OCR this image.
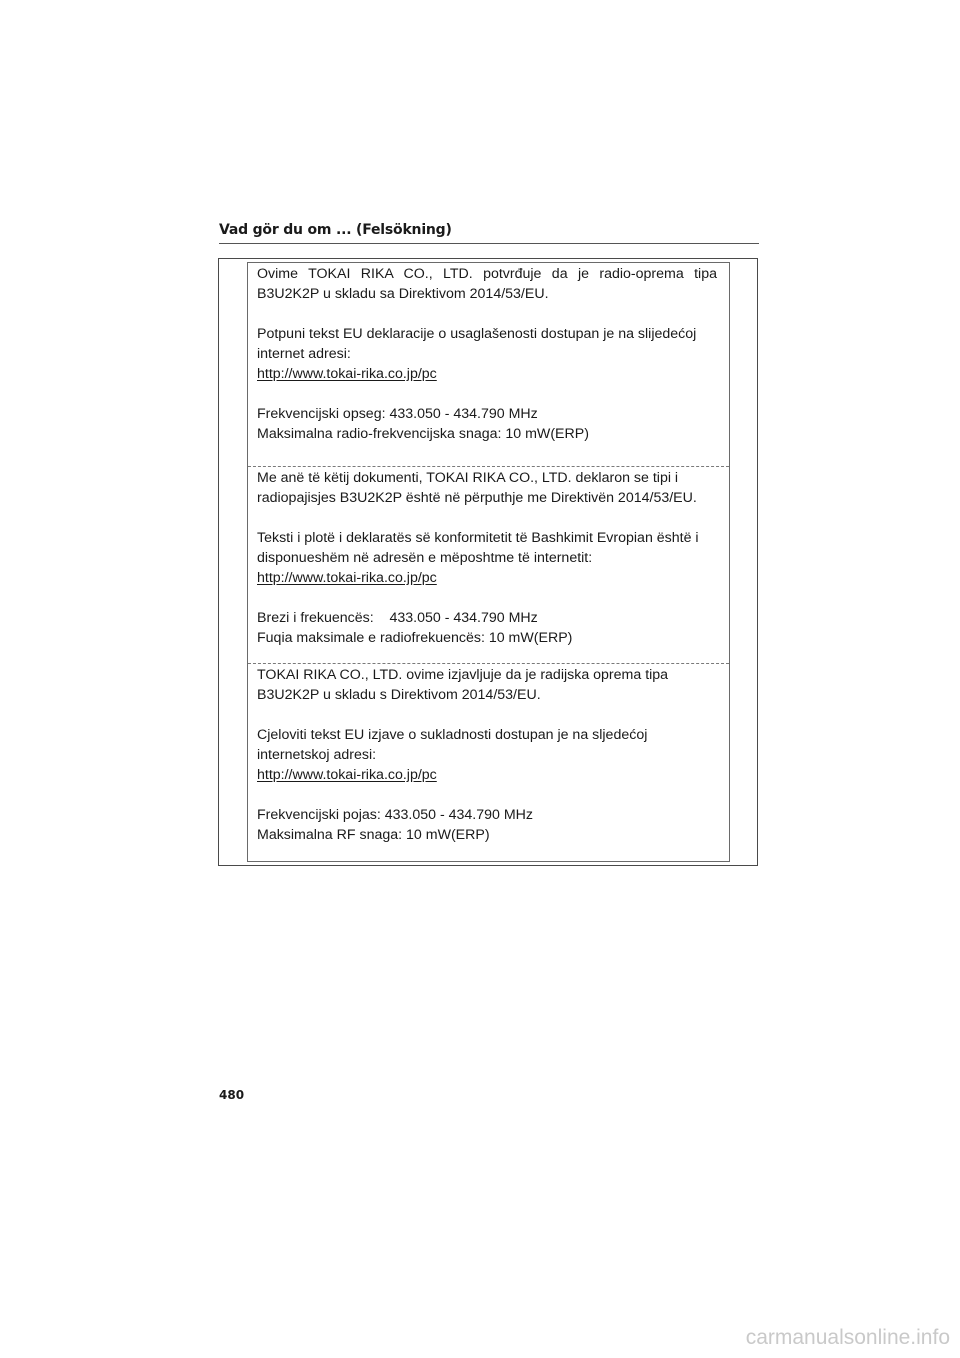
Vad gör du om ... (Felsökning)

Ovime TOKAI RIKA CO., LTD. potvrđuje da je radio-oprema tipa

B3U2K2P u skladu sa Direktivom 2014/53/EU.

Potpuni tekst EU deklaracije o usaglašenosti dostupan je na slijedećoj

internet adresi:

http://www.tokai-rika.co.jp/pc

Frekvencijski opseg: 433.050 - 434.790 MHz

Maksimalna radio-frekvencijska snaga: 10 mW(ERP)

Me anë të këtij dokumenti, TOKAI RIKA CO., LTD. deklaron se tipi i

radiopajisjes B3U2K2P është në përputhje me Direktivën 2014/53/EU.

Teksti i plotë i deklaratës së konformitetit të Bashkimit Evropian është i

disponueshëm në adresën e mëposhtme të internetit:

http://www.tokai-rika.co.jp/pc

Brezi i frekuencës:    433.050 - 434.790 MHz

Fuqia maksimale e radiofrekuencës: 10 mW(ERP)

TOKAI RIKA CO., LTD. ovime izjavljuje da je radijska oprema tipa

B3U2K2P u skladu s Direktivom 2014/53/EU.

Cjeloviti tekst EU izjave o sukladnosti dostupan je na sljedećoj

internetskoj adresi:

http://www.tokai-rika.co.jp/pc

Frekvencijski pojas: 433.050 - 434.790 MHz

Maksimalna RF snaga: 10 mW(ERP)

480
carmanualsonline.info
